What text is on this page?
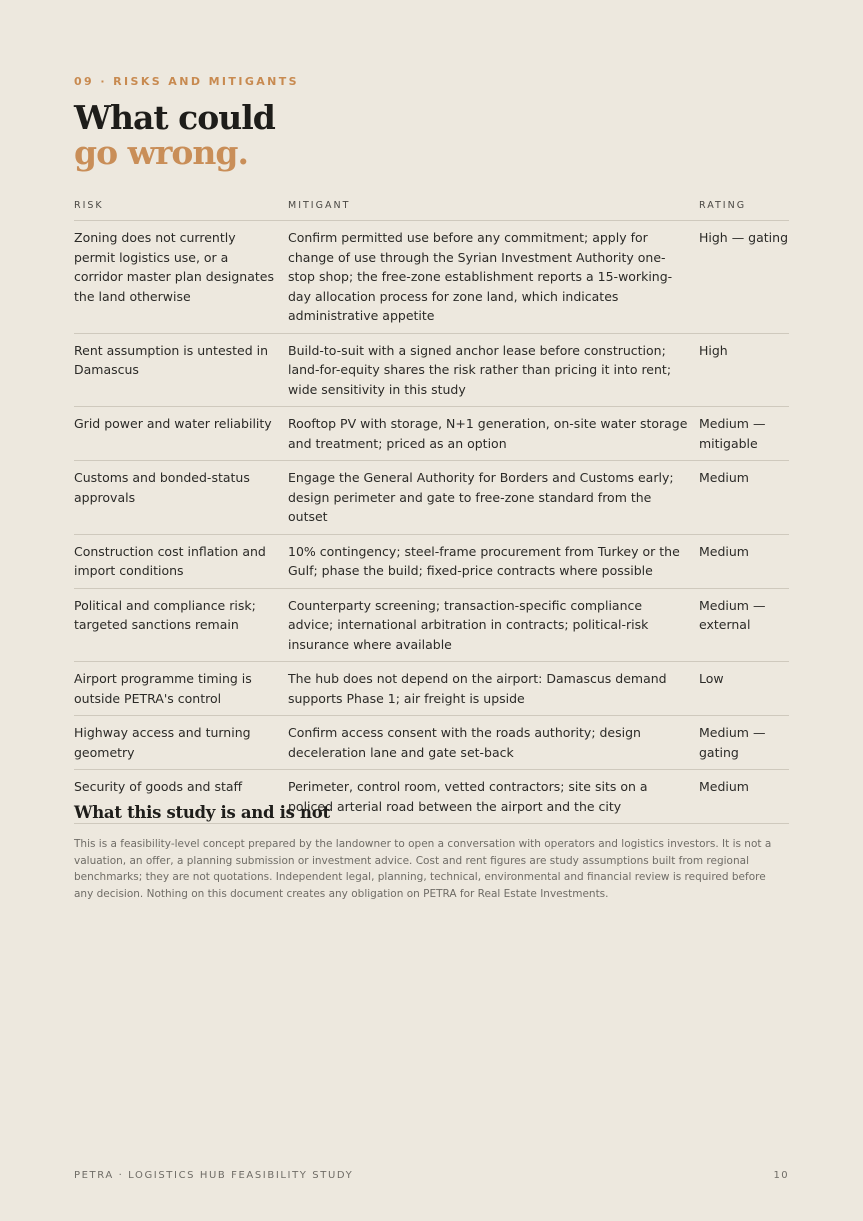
09 · RISKS AND MITIGANTS
What could
go wrong.
RISK	MITIGANT	RATING
Zoning does not currently permit logistics use, or a corridor master plan designates the land otherwise	Confirm permitted use before any commitment; apply for change of use through the Syrian Investment Authority one-stop shop; the free-zone establishment reports a 15-working-day allocation process for zone land, which indicates administrative appetite	High — gating
Rent assumption is untested in Damascus	Build-to-suit with a signed anchor lease before construction; land-for-equity shares the risk rather than pricing it into rent; wide sensitivity in this study	High
Grid power and water reliability	Rooftop PV with storage, N+1 generation, on-site water storage and treatment; priced as an option	Medium — mitigable
Customs and bonded-status approvals	Engage the General Authority for Borders and Customs early; design perimeter and gate to free-zone standard from the outset	Medium
Construction cost inflation and import conditions	10% contingency; steel-frame procurement from Turkey or the Gulf; phase the build; fixed-price contracts where possible	Medium
Political and compliance risk; targeted sanctions remain	Counterparty screening; transaction-specific compliance advice; international arbitration in contracts; political-risk insurance where available	Medium — external
Airport programme timing is outside PETRA's control	The hub does not depend on the airport: Damascus demand supports Phase 1; air freight is upside	Low
Highway access and turning geometry	Confirm access consent with the roads authority; design deceleration lane and gate set-back	Medium — gating
Security of goods and staff	Perimeter, control room, vetted contractors; site sits on a policed arterial road between the airport and the city	Medium
What this study is and is not

This is a feasibility-level concept prepared by the landowner to open a conversation with operators and logistics investors. It is not a valuation, an offer, a planning submission or investment advice. Cost and rent figures are study assumptions built from regional benchmarks; they are not quotations. Independent legal, planning, technical, environmental and financial review is required before any decision. Nothing on this document creates any obligation on PETRA for Real Estate Investments.

PETRA · LOGISTICS HUB FEASIBILITY STUDY	10
